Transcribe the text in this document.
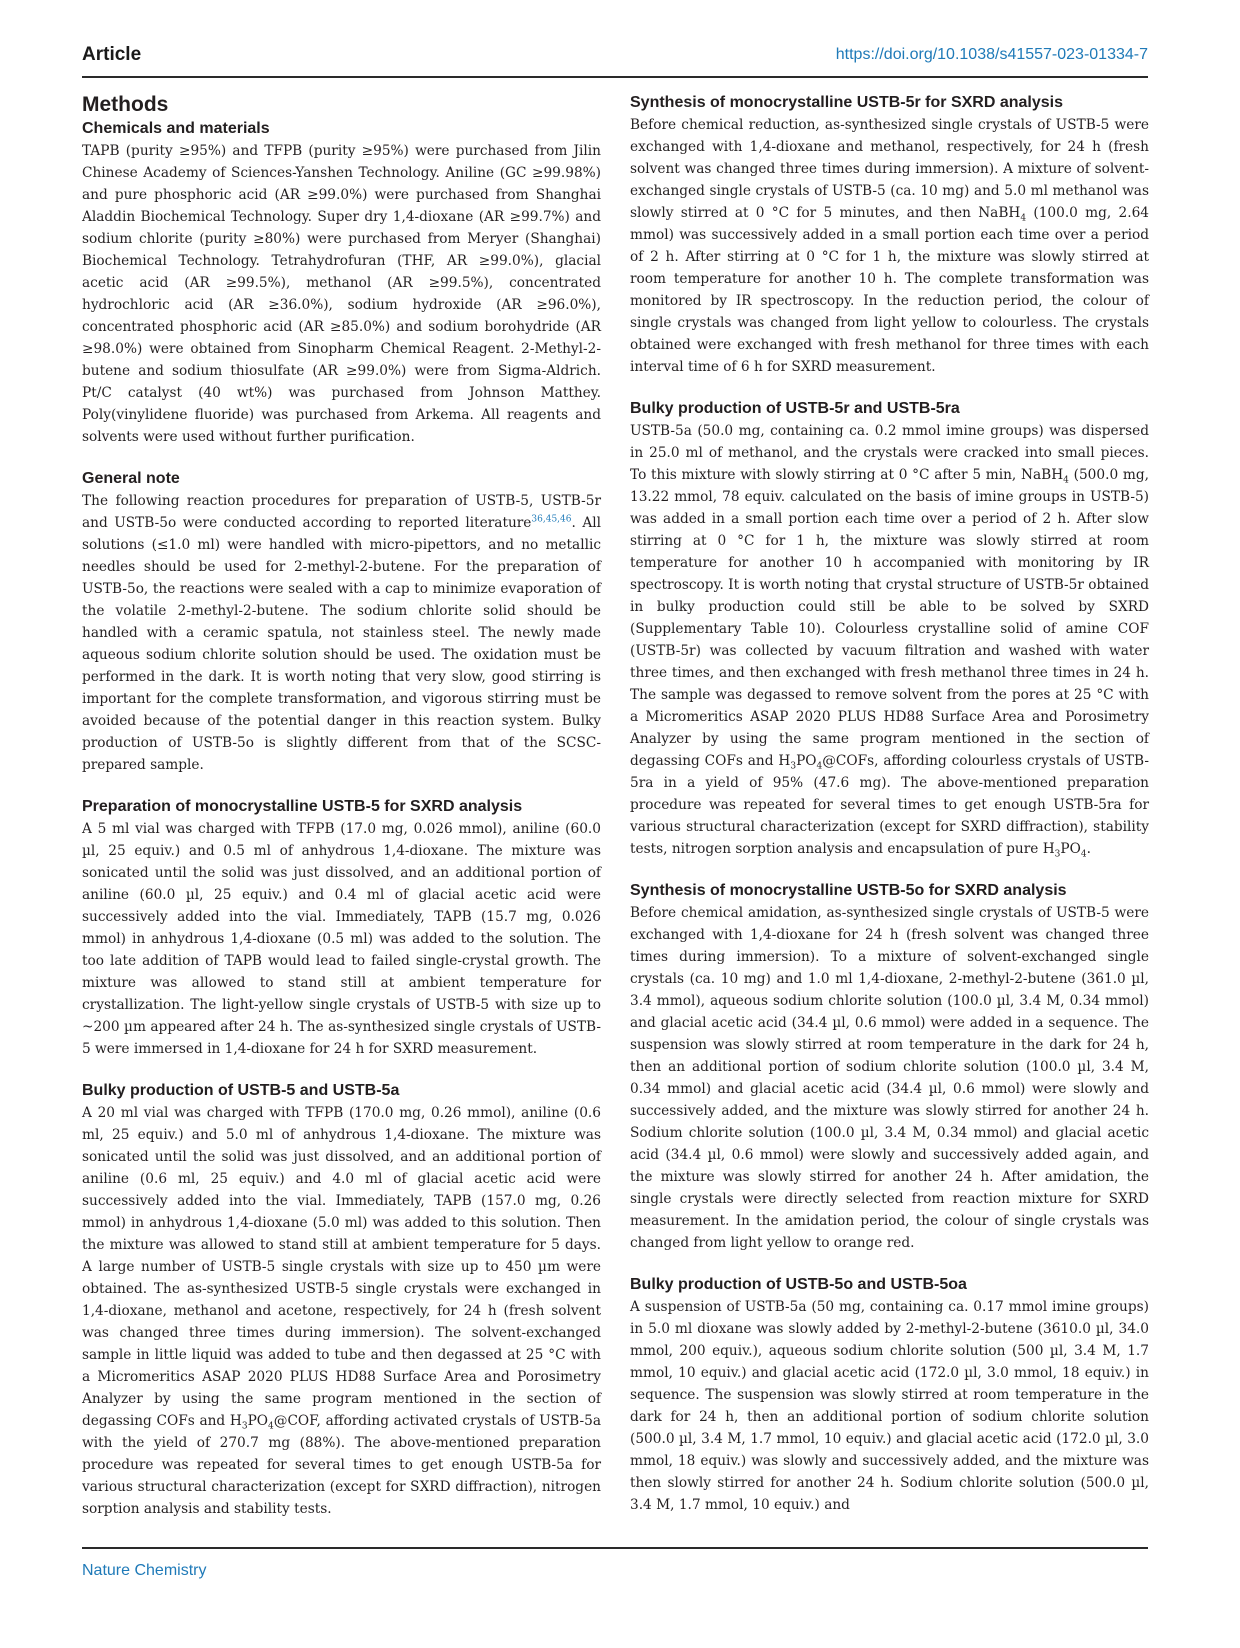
Article	https://doi.org/10.1038/s41557-023-01334-7
Methods
Chemicals and materials

TAPB (purity ≥95%) and TFPB (purity ≥95%) were purchased from Jilin Chinese Academy of Sciences-Yanshen Technology. Aniline (GC ≥99.98%) and pure phosphoric acid (AR ≥99.0%) were purchased from Shanghai Aladdin Biochemical Technology. Super dry 1,4-dioxane (AR ≥99.7%) and sodium chlorite (purity ≥80%) were purchased from Meryer (Shanghai) Biochemical Technology. Tetrahydrofuran (THF, AR ≥99.0%), glacial acetic acid (AR ≥99.5%), methanol (AR ≥99.5%), concentrated hydrochloric acid (AR ≥36.0%), sodium hydroxide (AR ≥96.0%), concentrated phosphoric acid (AR ≥85.0%) and sodium borohydride (AR ≥98.0%) were obtained from Sinopharm Chemical Reagent. 2-Methyl-2-butene and sodium thiosulfate (AR ≥99.0%) were from Sigma-Aldrich. Pt/C catalyst (40 wt%) was purchased from Johnson Matthey. Poly(vinylidene fluoride) was purchased from Arkema. All reagents and solvents were used without further purification.

General note

The following reaction procedures for preparation of USTB-5, USTB-5r and USTB-5o were conducted according to reported literature$^{36,45,46}$. All solutions (≤1.0 ml) were handled with micro-pipettors, and no metallic needles should be used for 2-methyl-2-butene. For the preparation of USTB-5o, the reactions were sealed with a cap to minimize evaporation of the volatile 2-methyl-2-butene. The sodium chlorite solid should be handled with a ceramic spatula, not stainless steel. The newly made aqueous sodium chlorite solution should be used. The oxidation must be performed in the dark. It is worth noting that very slow, good stirring is important for the complete transformation, and vigorous stirring must be avoided because of the potential danger in this reaction system. Bulky production of USTB-5o is slightly different from that of the SCSC-prepared sample.

Preparation of monocrystalline USTB-5 for SXRD analysis

A 5 ml vial was charged with TFPB (17.0 mg, 0.026 mmol), aniline (60.0 µl, 25 equiv.) and 0.5 ml of anhydrous 1,4-dioxane. The mixture was sonicated until the solid was just dissolved, and an additional portion of aniline (60.0 µl, 25 equiv.) and 0.4 ml of glacial acetic acid were successively added into the vial. Immediately, TAPB (15.7 mg, 0.026 mmol) in anhydrous 1,4-dioxane (0.5 ml) was added to the solution. The too late addition of TAPB would lead to failed single-crystal growth. The mixture was allowed to stand still at ambient temperature for crystallization. The light-yellow single crystals of USTB-5 with size up to ~200 µm appeared after 24 h. The as-synthesized single crystals of USTB-5 were immersed in 1,4-dioxane for 24 h for SXRD measurement.

Bulky production of USTB-5 and USTB-5a

A 20 ml vial was charged with TFPB (170.0 mg, 0.26 mmol), aniline (0.6 ml, 25 equiv.) and 5.0 ml of anhydrous 1,4-dioxane. The mixture was sonicated until the solid was just dissolved, and an additional portion of aniline (0.6 ml, 25 equiv.) and 4.0 ml of glacial acetic acid were successively added into the vial. Immediately, TAPB (157.0 mg, 0.26 mmol) in anhydrous 1,4-dioxane (5.0 ml) was added to this solution. Then the mixture was allowed to stand still at ambient temperature for 5 days. A large number of USTB-5 single crystals with size up to 450 µm were obtained. The as-synthesized USTB-5 single crystals were exchanged in 1,4-dioxane, methanol and acetone, respectively, for 24 h (fresh solvent was changed three times during immersion). The solvent-exchanged sample in little liquid was added to tube and then degassed at 25 °C with a Micromeritics ASAP 2020 PLUS HD88 Surface Area and Porosimetry Analyzer by using the same program mentioned in the section of degassing COFs and $H_3PO_4@COF$, affording activated crystals of USTB-5a with the yield of 270.7 mg (88%). The above-mentioned preparation procedure was repeated for several times to get enough USTB-5a for various structural characterization (except for SXRD diffraction), nitrogen sorption analysis and stability tests.

Synthesis of monocrystalline USTB-5r for SXRD analysis

Before chemical reduction, as-synthesized single crystals of USTB-5 were exchanged with 1,4-dioxane and methanol, respectively, for 24 h (fresh solvent was changed three times during immersion). A mixture of solvent-exchanged single crystals of USTB-5 (ca. 10 mg) and 5.0 ml methanol was slowly stirred at 0 °C for 5 minutes, and then NaBH$_4$ (100.0 mg, 2.64 mmol) was successively added in a small portion each time over a period of 2 h. After stirring at 0 °C for 1 h, the mixture was slowly stirred at room temperature for another 10 h. The complete transformation was monitored by IR spectroscopy. In the reduction period, the colour of single crystals was changed from light yellow to colourless. The crystals obtained were exchanged with fresh methanol for three times with each interval time of 6 h for SXRD measurement.

Bulky production of USTB-5r and USTB-5ra

USTB-5a (50.0 mg, containing ca. 0.2 mmol imine groups) was dispersed in 25.0 ml of methanol, and the crystals were cracked into small pieces. To this mixture with slowly stirring at 0 °C after 5 min, NaBH$_4$ (500.0 mg, 13.22 mmol, 78 equiv. calculated on the basis of imine groups in USTB-5) was added in a small portion each time over a period of 2 h. After slow stirring at 0 °C for 1 h, the mixture was slowly stirred at room temperature for another 10 h accompanied with monitoring by IR spectroscopy. It is worth noting that crystal structure of USTB-5r obtained in bulky production could still be able to be solved by SXRD (Supplementary Table 10). Colourless crystalline solid of amine COF (USTB-5r) was collected by vacuum filtration and washed with water three times, and then exchanged with fresh methanol three times in 24 h. The sample was degassed to remove solvent from the pores at 25 °C with a Micromeritics ASAP 2020 PLUS HD88 Surface Area and Porosimetry Analyzer by using the same program mentioned in the section of degassing COFs and $H_3PO_4@COFs$, affording colourless crystals of USTB-5ra in a yield of 95% (47.6 mg). The above-mentioned preparation procedure was repeated for several times to get enough USTB-5ra for various structural characterization (except for SXRD diffraction), stability tests, nitrogen sorption analysis and encapsulation of pure $H_3PO_4$.

Synthesis of monocrystalline USTB-5o for SXRD analysis

Before chemical amidation, as-synthesized single crystals of USTB-5 were exchanged with 1,4-dioxane for 24 h (fresh solvent was changed three times during immersion). To a mixture of solvent-exchanged single crystals (ca. 10 mg) and 1.0 ml 1,4-dioxane, 2-methyl-2-butene (361.0 µl, 3.4 mmol), aqueous sodium chlorite solution (100.0 µl, 3.4 M, 0.34 mmol) and glacial acetic acid (34.4 µl, 0.6 mmol) were added in a sequence. The suspension was slowly stirred at room temperature in the dark for 24 h, then an additional portion of sodium chlorite solution (100.0 µl, 3.4 M, 0.34 mmol) and glacial acetic acid (34.4 µl, 0.6 mmol) were slowly and successively added, and the mixture was slowly stirred for another 24 h. Sodium chlorite solution (100.0 µl, 3.4 M, 0.34 mmol) and glacial acetic acid (34.4 µl, 0.6 mmol) were slowly and successively added again, and the mixture was slowly stirred for another 24 h. After amidation, the single crystals were directly selected from reaction mixture for SXRD measurement. In the amidation period, the colour of single crystals was changed from light yellow to orange red.

Bulky production of USTB-5o and USTB-5oa

A suspension of USTB-5a (50 mg, containing ca. 0.17 mmol imine groups) in 5.0 ml dioxane was slowly added by 2-methyl-2-butene (3610.0 µl, 34.0 mmol, 200 equiv.), aqueous sodium chlorite solution (500 µl, 3.4 M, 1.7 mmol, 10 equiv.) and glacial acetic acid (172.0 µl, 3.0 mmol, 18 equiv.) in sequence. The suspension was slowly stirred at room temperature in the dark for 24 h, then an additional portion of sodium chlorite solution (500.0 µl, 3.4 M, 1.7 mmol, 10 equiv.) and glacial acetic acid (172.0 µl, 3.0 mmol, 18 equiv.) was slowly and successively added, and the mixture was then slowly stirred for another 24 h. Sodium chlorite solution (500.0 µl, 3.4 M, 1.7 mmol, 10 equiv.) and

Nature Chemistry
